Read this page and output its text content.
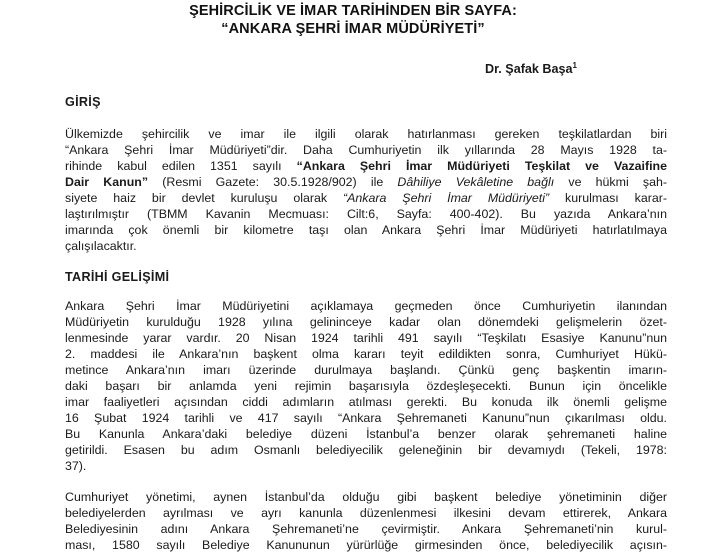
ŞEHİRCİLİK VE İMAR TARİHİNDEN BİR SAYFA:
“ANKARA ŞEHRİ İMAR MÜDÜRİYETİ”
Dr. Şafak Başa$^1$
GİRİŞ
Ülkemizde şehircilik ve imar ile ilgili olarak hatırlanması gereken teşkilatlardan biri
“Ankara Şehri İmar Müdüriyeti”dir. Daha Cumhuriyetin ilk yıllarında 28 Mayıs 1928 ta-
rihinde kabul edilen 1351 sayılı “Ankara Şehri İmar Müdüriyeti Teşkilat ve Vazaifine
Dair Kanun” (Resmi Gazete: 30.5.1928/902) ile Dâhiliye Vekâletine bağlı ve hükmi şah-
siyete haiz bir devlet kuruluşu olarak “Ankara Şehri İmar Müdüriyeti” kurulması karar-
laştırılmıştır (TBMM Kavanin Mecmuası: Cilt:6, Sayfa: 400-402). Bu yazıda Ankara’nın
imarında çok önemli bir kilometre taşı olan Ankara Şehri İmar Müdüriyeti hatırlatılmaya
çalışılacaktır.
TARİHİ GELİŞİMİ
Ankara Şehri İmar Müdüriyetini açıklamaya geçmeden önce Cumhuriyetin ilanından
Müdüriyetin kurulduğu 1928 yılına gelininceye kadar olan dönemdeki gelişmelerin özet-
lenmesinde yarar vardır. 20 Nisan 1924 tarihli 491 sayılı “Teşkilatı Esasiye Kanunu”nun
2. maddesi ile Ankara’nın başkent olma kararı teyit edildikten sonra, Cumhuriyet Hükü-
metince Ankara’nın imarı üzerinde durulmaya başlandı. Çünkü genç başkentin imarın-
daki başarı bir anlamda yeni rejimin başarısıyla özdeşleşecekti. Bunun için öncelikle
imar faaliyetleri açısından ciddi adımların atılması gerekti. Bu konuda ilk önemli gelişme
16 Şubat 1924 tarihli ve 417 sayılı “Ankara Şehremaneti Kanunu”nun çıkarılması oldu.
Bu Kanunla Ankara’daki belediye düzeni İstanbul’a benzer olarak şehremaneti haline
getirildi. Esasen bu adım Osmanlı belediyecilik geleneğinin bir devamıydı (Tekeli, 1978:
37).
Cumhuriyet yönetimi, aynen İstanbul’da olduğu gibi başkent belediye yönetiminin diğer
belediyelerden ayrılması ve ayrı kanunla düzenlenmesi ilkesini devam ettirerek, Ankara
Belediyesinin adını Ankara Şehremaneti’ne çevirmiştir. Ankara Şehremaneti’nin kurul-
ması, 1580 sayılı Belediye Kanununun yürürlüğe girmesinden önce, belediyecilik açısın-
